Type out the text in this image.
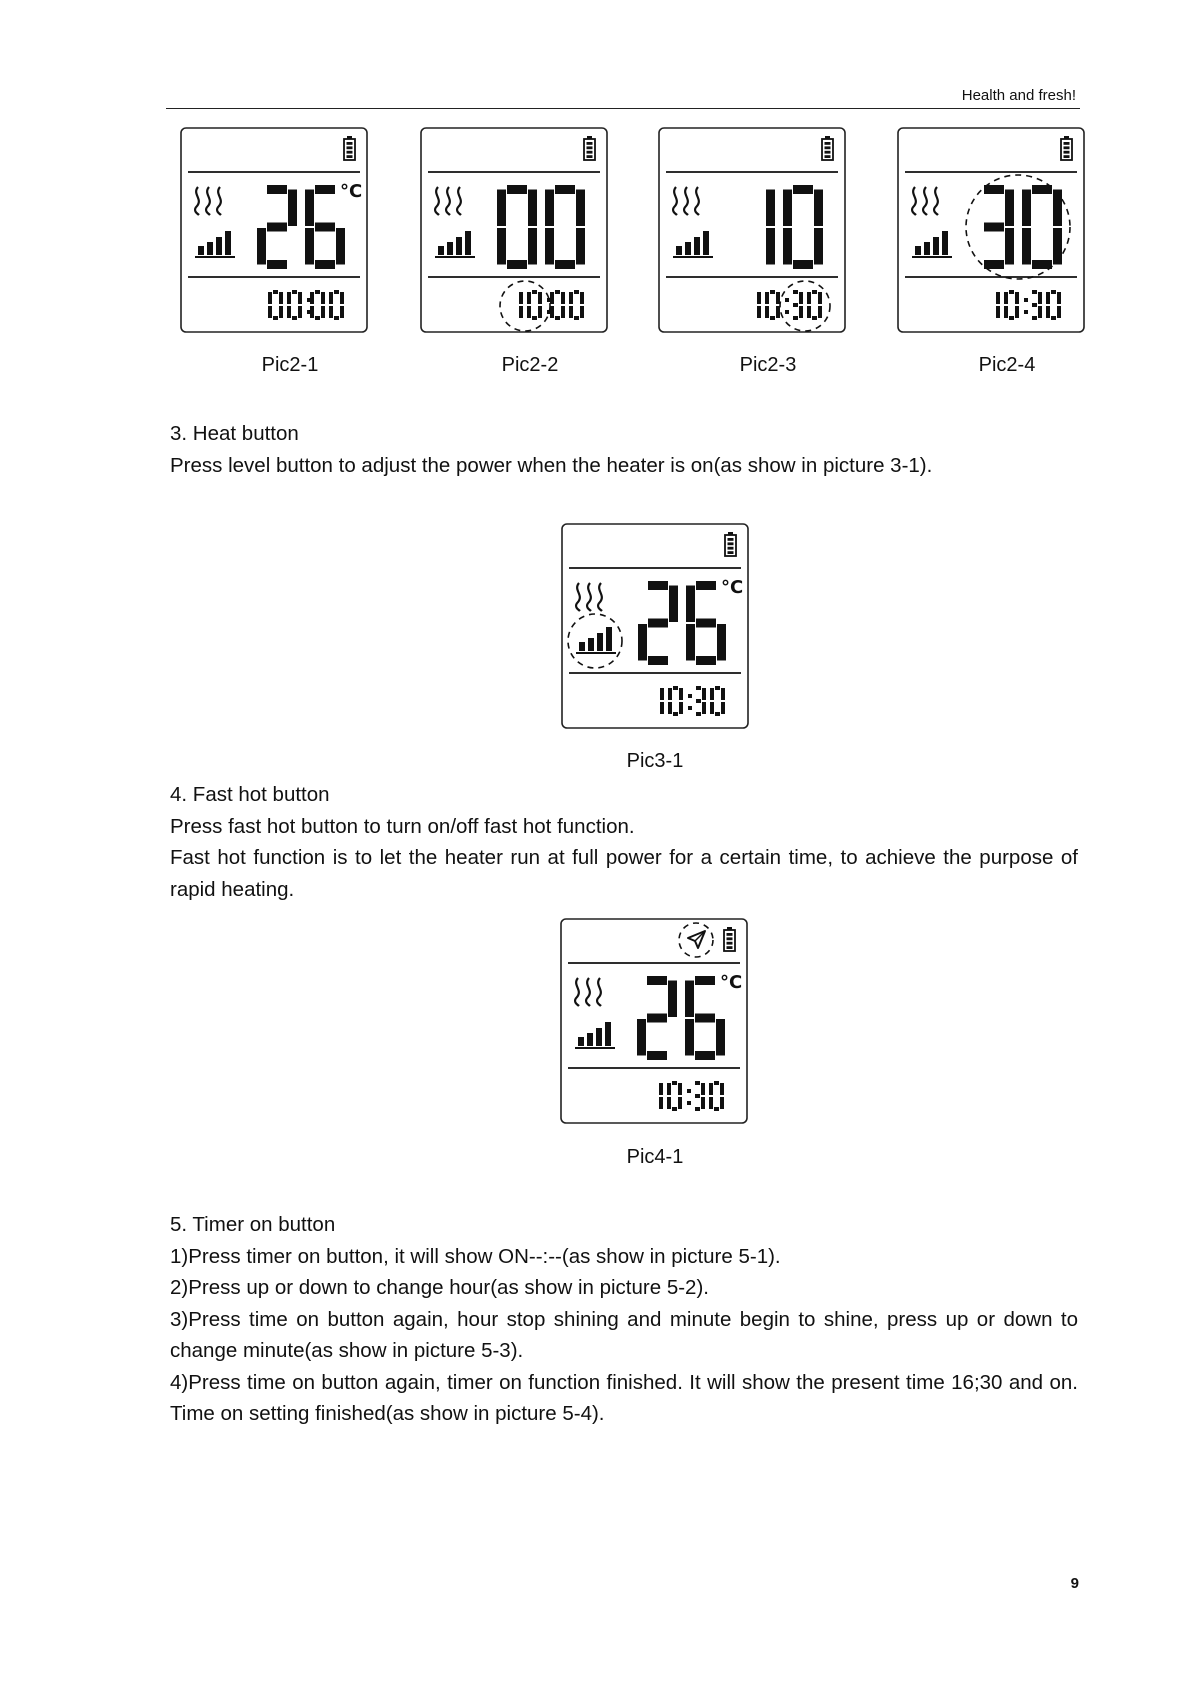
Health and fresh!
°C
Pic2-1	Pic2-2	Pic2-3	Pic2-4

3. Heat button

Press level button to adjust the power when the heater is on(as show in picture 3-1).

°C
Pic3-1

4. Fast hot button

Press fast hot button to turn on/off fast hot function.

Fast hot function is to let the heater run at full power for a certain time, to achieve the purpose of rapid heating.

°C
Pic4-1

5. Timer on button

1)Press timer on button, it will show ON--:--(as show in picture 5-1).

2)Press up or down to change hour(as show in picture 5-2).

3)Press time on button again, hour stop shining and minute begin to shine, press up or down to change minute(as show in picture 5-3).

4)Press time on button again, timer on function finished. It will show the present time 16;30 and on. Time on setting finished(as show in picture 5-4).

9
